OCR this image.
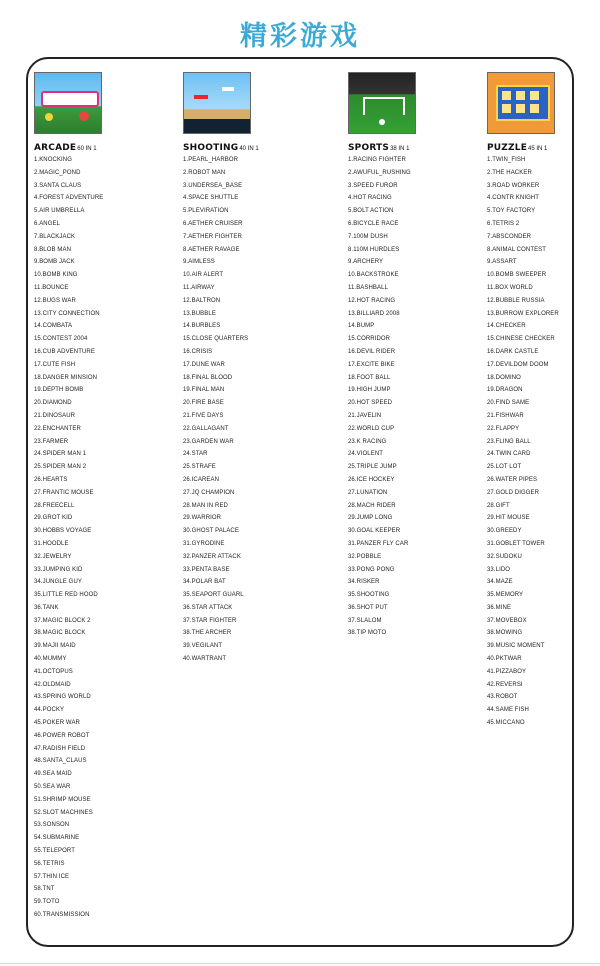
精彩游戏
ARCADE60 IN 1
1.KNOCKING
2.MAGIC_POND
3.SANTA CLAUS
4.FOREST ADVENTURE
5.AIR UMBRELLA
6.ANGEL
7.BLACKJACK
8.BLOB MAN
9.BOMB JACK
10.BOMB KING
11.BOUNCE
12.BUGS WAR
13.CITY CONNECTION
14.COMBATA
15.CONTEST 2004
16.CUB ADVENTURE
17.CUTE FISH
18.DANGER MINSION
19.DEPTH BOMB
20.DIAMOND
21.DINOSAUR
22.ENCHANTER
23.FARMER
24.SPIDER MAN 1
25.SPIDER MAN 2
26.HEARTS
27.FRANTIC MOUSE
28.FREECELL
29.GROT KID
30.HOBBS VOYAGE
31.HOODLE
32.JEWELRY
33.JUMPING KID
34.JUNGLE GUY
35.LITTLE RED HOOD
36.TANK
37.MAGIC BLOCK 2
38.MAGIC BLOCK
39.MAJII MAID
40.MUMMY
41.OCTOPUS
42.OLDMAID
43.SPRING WORLD
44.POCKY
45.POKER WAR
46.POWER ROBOT
47.RADISH FIELD
48.SANTA_CLAUS
49.SEA MAID
50.SEA WAR
51.SHRIMP MOUSE
52.SLOT MACHINES
53.SONSON
54.SUBMARINE
55.TELEPORT
56.TETRIS
57.THIN ICE
58.TNT
59.TOTO
60.TRANSMISSION
SHOOTING40 IN 1
1.PEARL_HARBOR
2.ROBOT MAN
3.UNDERSEA_BASE
4.SPACE SHUTTLE
5.PLEVIRATION
6.AETHER CRUISER
7.AETHER FIGHTER
8.AETHER RAVAGE
9.AIMLESS
10.AIR ALERT
11.AIRWAY
12.BALTRON
13.BUBBLE
14.BURBLES
15.CLOSE QUARTERS
16.CRISIS
17.DUNE WAR
18.FINAL BLOOD
19.FINAL MAN
20.FIRE BASE
21.FIVE DAYS
22.GALLAGANT
23.GARDEN WAR
24.STAR
25.STRAFE
26.ICAREAN
27.JQ CHAMPION
28.MAN IN RED
29.WARRIOR
30.GHOST PALACE
31.GYRODINE
32.PANZER ATTACK
33.PENTA BASE
34.POLAR BAT
35.SEAPORT GUARL
36.STAR ATTACK
37.STAR FIGHTER
38.THE ARCHER
39.VEGILANT
40.WARTRANT
SPORTS38 IN 1
1.RACING FIGHTER
2.AWUFUL_RUSHING
3.SPEED FUROR
4.HOT RACING
5.BOLT ACTION
6.BICYCLE RACE
7.100M DUSH
8.110M HURDLES
9.ARCHERY
10.BACKSTROKE
11.BASHBALL
12.HOT RACING
13.BILLIARD 2008
14.BUMP
15.CORRIDOR
16.DEVIL RIDER
17.EXCITE BIKE
18.FOOT BALL
19.HIGH JUMP
20.HOT SPEED
21.JAVELIN
22.WORLD CUP
23.K RACING
24.VIOLENT
25.TRIPLE JUMP
26.ICE HOCKEY
27.LUNATION
28.MACH RIDER
29.JUMP LONG
30.GOAL KEEPER
31.PANZER FLY CAR
32.POBBLE
33.PONG PONG
34.RISKER
35.SHOOTING
36.SHOT PUT
37.SLALOM
38.TIP MOTO
PUZZLE45 IN 1
1.TWIN_FISH
2.THE HACKER
3.ROAD WORKER
4.CONTR KNIGHT
5.TOY FACTORY
6.TETRIS 2
7.ABSCONDER
8.ANIMAL CONTEST
9.ASSART
10.BOMB SWEEPER
11.BOX WORLD
12.BUBBLE RUSSIA
13.BURROW EXPLORER
14.CHECKER
15.CHINESE CHECKER
16.DARK CASTLE
17.DEVILDOM DOOM
18.DOMINO
19.DRAGON
20.FIND SAME
21.FISHWAR
22.FLAPPY
23.FLING BALL
24.TWIN CARD
25.LOT LOT
26.WATER PIPES
27.GOLD DIGGER
28.GIFT
29.HIT MOUSE
30.GREEDY
31.GOBLET TOWER
32.SUDOKU
33.LIDO
34.MAZE
35.MEMORY
36.MINE
37.MOVEBOX
38.MOWING
39.MUSIC MOMENT
40.PKTWAR
41.PIZZABOY
42.REVERSI
43.ROBOT
44.SAME FISH
45.MICCANO
